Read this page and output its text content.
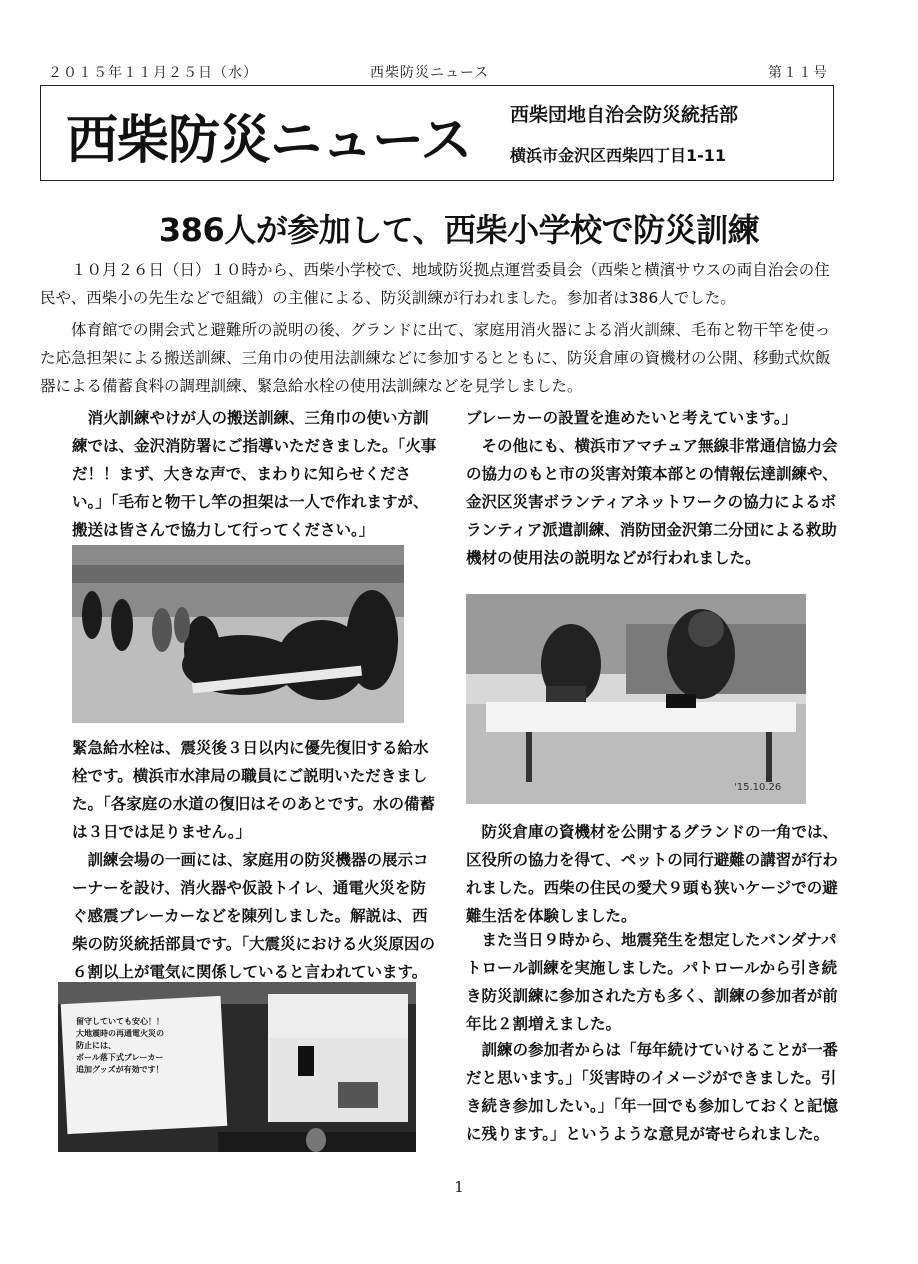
２０１５年１１月２５日（水）	西柴防災ニュース	第１１号
西柴防災ニュース 西柴団地自治会防災統括部
横浜市金沢区西柴四丁目1-11
386人が参加して、西柴小学校で防災訓練

１０月２６日（日）１０時から、西柴小学校で、地域防災拠点運営委員会（西柴と横濱サウスの両自治会の住民や、西柴小の先生などで組織）の主催による、防災訓練が行われました。参加者は386人でした。

体育館での開会式と避難所の説明の後、グランドに出て、家庭用消火器による消火訓練、毛布と物干竿を使った応急担架による搬送訓練、三角巾の使用法訓練などに参加するとともに、防災倉庫の資機材の公開、移動式炊飯器による備蓄食料の調理訓練、緊急給水栓の使用法訓練などを見学しました。

消火訓練やけが人の搬送訓練、三角巾の使い方訓練では、金沢消防署にご指導いただきました。「火事だ！！まず、大きな声で、まわりに知らせください。」「毛布と物干し竿の担架は一人で作れますが、搬送は皆さんで協力して行ってください。」

緊急給水栓は、震災後３日以内に優先復旧する給水栓です。横浜市水津局の職員にご説明いただきました。「各家庭の水道の復旧はそのあとです。水の備蓄は３日では足りません。」

訓練会場の一画には、家庭用の防災機器の展示コーナーを設け、消火器や仮設トイレ、通電火災を防ぐ感震ブレーカーなどを陳列しました。解説は、西柴の防災統括部員です。「大震災における火災原因の６割以上が電気に関係していると言われています。

留守していても安心！！
大地震時の再通電火災の
防止には、
ボール落下式ブレーカー
追加グッズが有効です！

ブレーカーの設置を進めたいと考えています。」

その他にも、横浜市アマチュア無線非常通信協力会の協力のもと市の災害対策本部との情報伝達訓練や、金沢区災害ボランティアネットワークの協力によるボランティア派遣訓練、消防団金沢第二分団による救助機材の使用法の説明などが行われました。

'15.10.26

防災倉庫の資機材を公開するグランドの一角では、区役所の協力を得て、ペットの同行避難の講習が行われました。西柴の住民の愛犬９頭も狭いケージでの避難生活を体験しました。

また当日９時から、地震発生を想定したバンダナパトロール訓練を実施しました。パトロールから引き続き防災訓練に参加された方も多く、訓練の参加者が前年比２割増えました。

訓練の参加者からは「毎年続けていけることが一番だと思います。」「災害時のイメージができました。引き続き参加したい。」「年一回でも参加しておくと記憶に残ります。」というような意見が寄せられました。

1
